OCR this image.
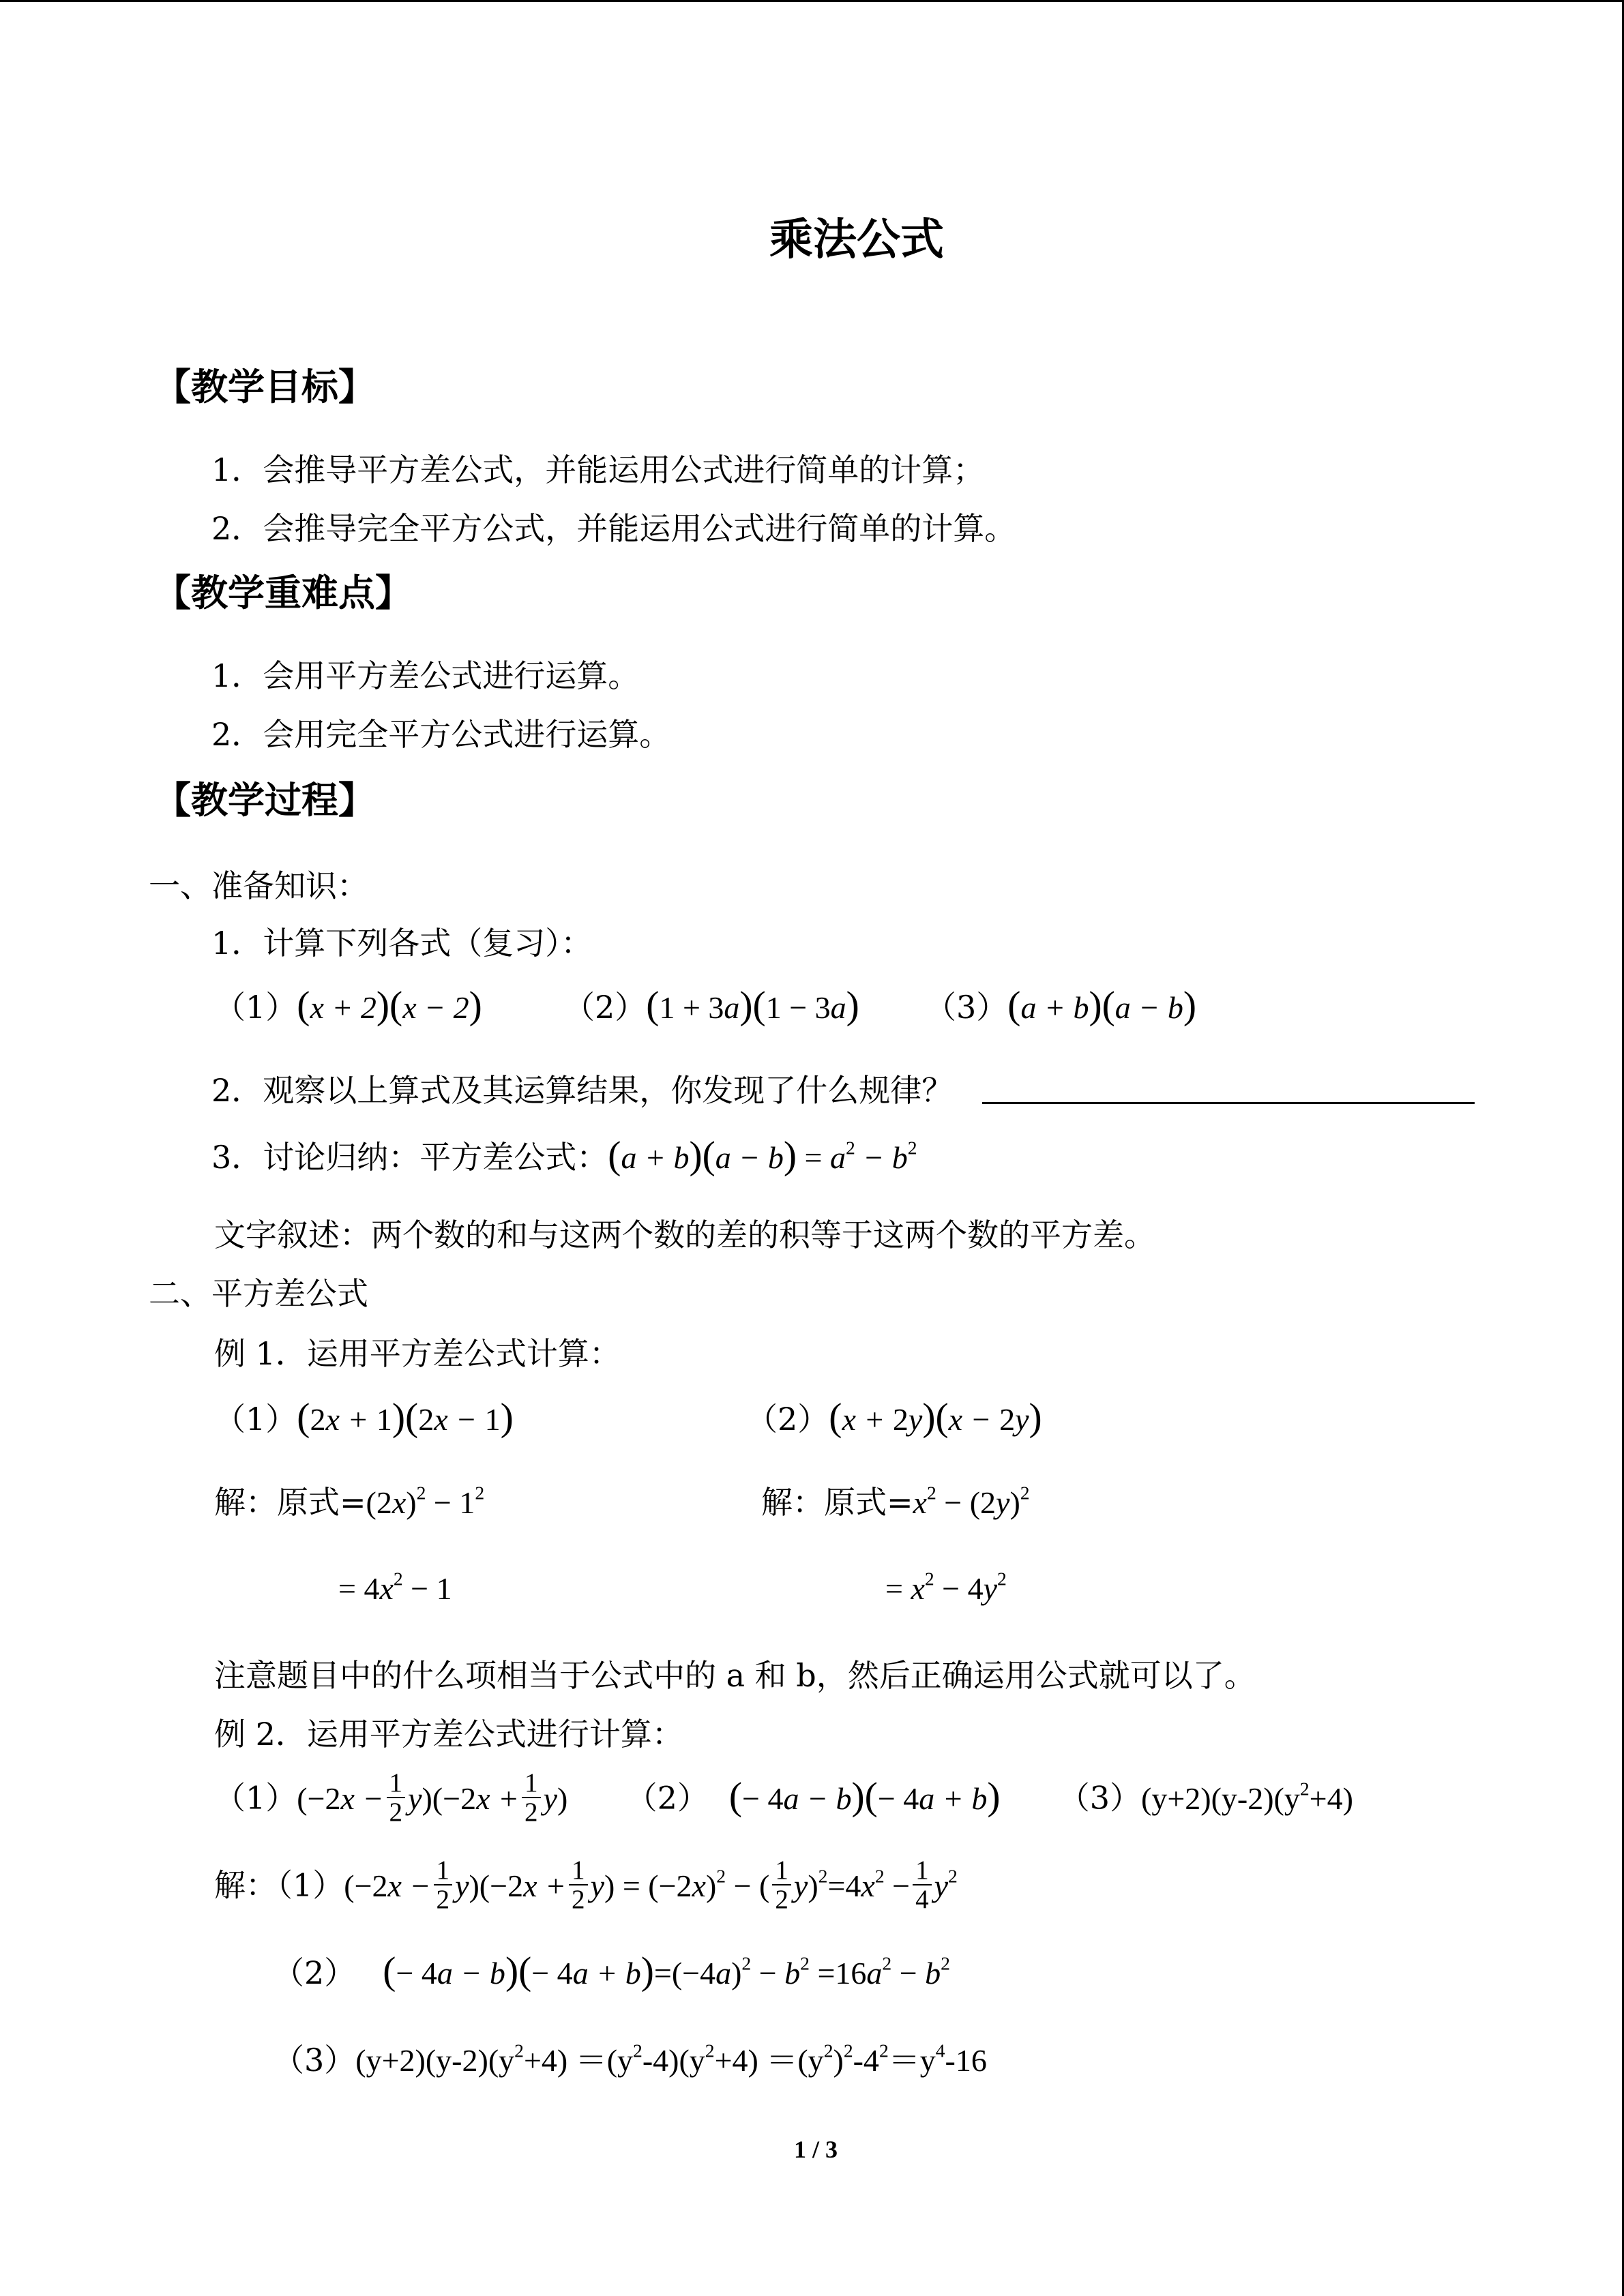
乘法公式
【教学目标】
1．会推导平方差公式，并能运用公式进行简单的计算；
2．会推导完全平方公式，并能运用公式进行简单的计算。
【教学重难点】
1．会用平方差公式进行运算。
2．会用完全平方公式进行运算。
【教学过程】
一、准备知识：
1．计算下列各式（复习）：
（1）(x + 2)(x − 2)	（2）(1 + 3a)(1 − 3a) （3）(a + b)(a − b)
2．观察以上算式及其运算结果，你发现了什么规律？
3．讨论归纳：平方差公式：$(a + b)(a - b) = a^2 - b^2$
文字叙述：两个数的和与这两个数的差的积等于这两个数的平方差。
二、平方差公式
例 1．运用平方差公式计算：
（1）(2x + 1)(2x − 1)	（2）(x + 2y)(x − 2y)
解：原式$=(2x)^2 - 1^2$
= $4x^2 - 1$
解：原式$=x^2 - (2y)^2$
= $x^2 - 4y^2$
注意题目中的什么项相当于公式中的 a 和 b，然后正确运用公式就可以了。
例 2．运用平方差公式进行计算：
$(1)(-2x - \frac{1}{2} y)(-2x + \frac{1}{2} y)$ （2） (− 4a − b)(− 4a + b) $(3)(y+2)(y-2)(y^2+4)$
解：$(1)(-2x - \frac{1}{2} y)(-2x + \frac{1}{2} y) = (-2x)^2$ − ( $\frac{1}{2} y)^2=4x^2 - \frac{1}{4} y^2$
（2） (− $4a - b)(- 4a + b)=(-4a)^2 - b^2 =16a^2 - b^2$
$(3)(y+2)(y-2)(y^2+4) =(y^2-4)(y^2+4) =(y^2)^2-4^2=y^4-16$
1 / 3
